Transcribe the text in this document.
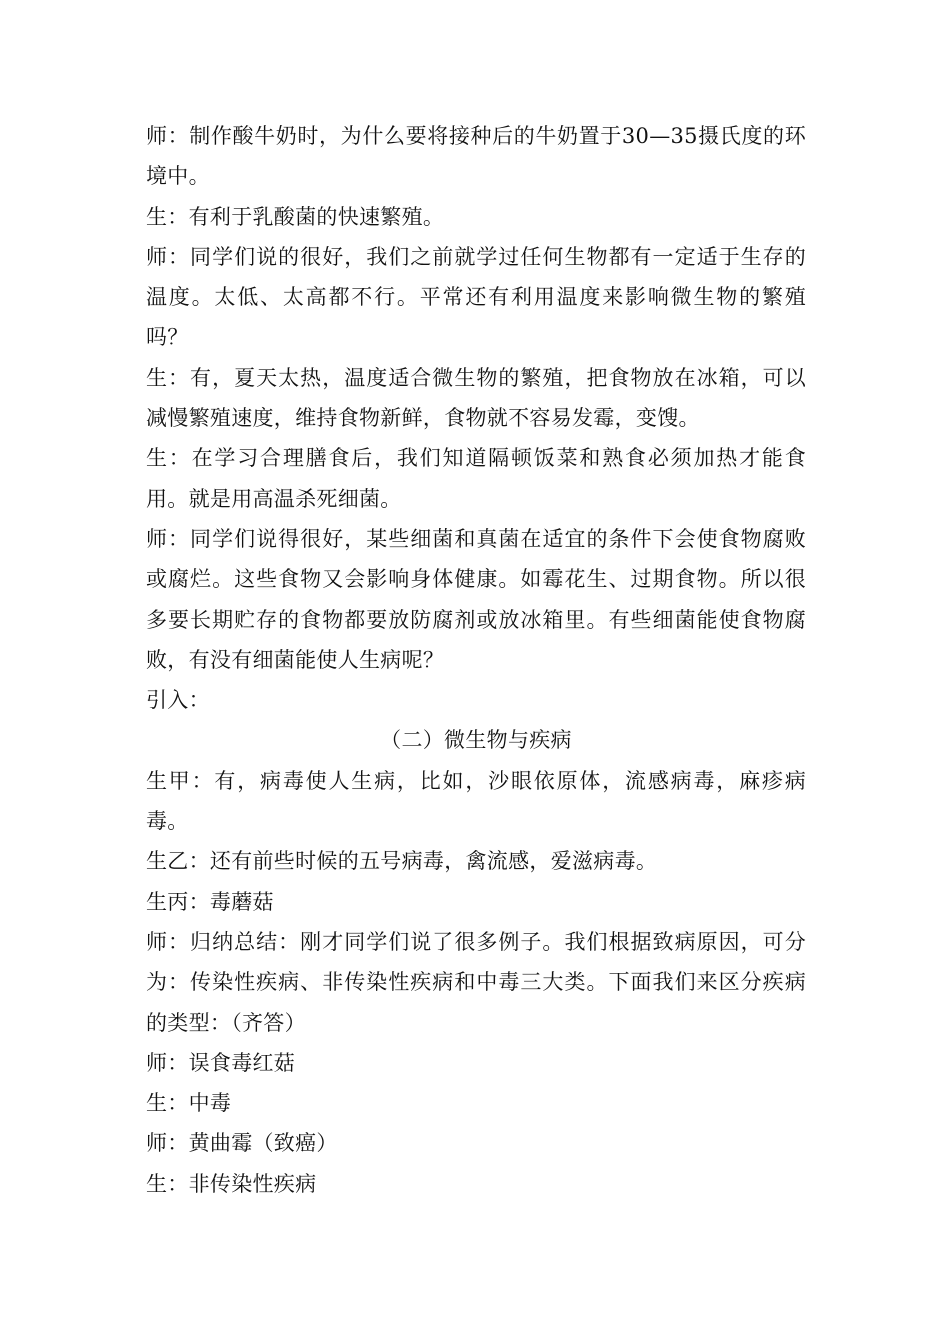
师：制作酸牛奶时，为什么要将接种后的牛奶置于30—35摄氏度的环境中。

生：有利于乳酸菌的快速繁殖。

师：同学们说的很好，我们之前就学过任何生物都有一定适于生存的温度。太低、太高都不行。平常还有利用温度来影响微生物的繁殖吗？

生：有，夏天太热，温度适合微生物的繁殖，把食物放在冰箱，可以减慢繁殖速度，维持食物新鲜，食物就不容易发霉，变馊。

生：在学习合理膳食后，我们知道隔顿饭菜和熟食必须加热才能食用。就是用高温杀死细菌。

师：同学们说得很好，某些细菌和真菌在适宜的条件下会使食物腐败或腐烂。这些食物又会影响身体健康。如霉花生、过期食物。所以很多要长期贮存的食物都要放防腐剂或放冰箱里。有些细菌能使食物腐败，有没有细菌能使人生病呢？

引入：

（二）微生物与疾病

生甲：有，病毒使人生病，比如，沙眼依原体，流感病毒，麻疹病毒。

生乙：还有前些时候的五号病毒，禽流感，爱滋病毒。

生丙：毒蘑菇

师：归纳总结：刚才同学们说了很多例子。我们根据致病原因，可分为：传染性疾病、非传染性疾病和中毒三大类。下面我们来区分疾病的类型：（齐答）

师：误食毒红菇

生：中毒

师：黄曲霉（致癌）

生：非传染性疾病
